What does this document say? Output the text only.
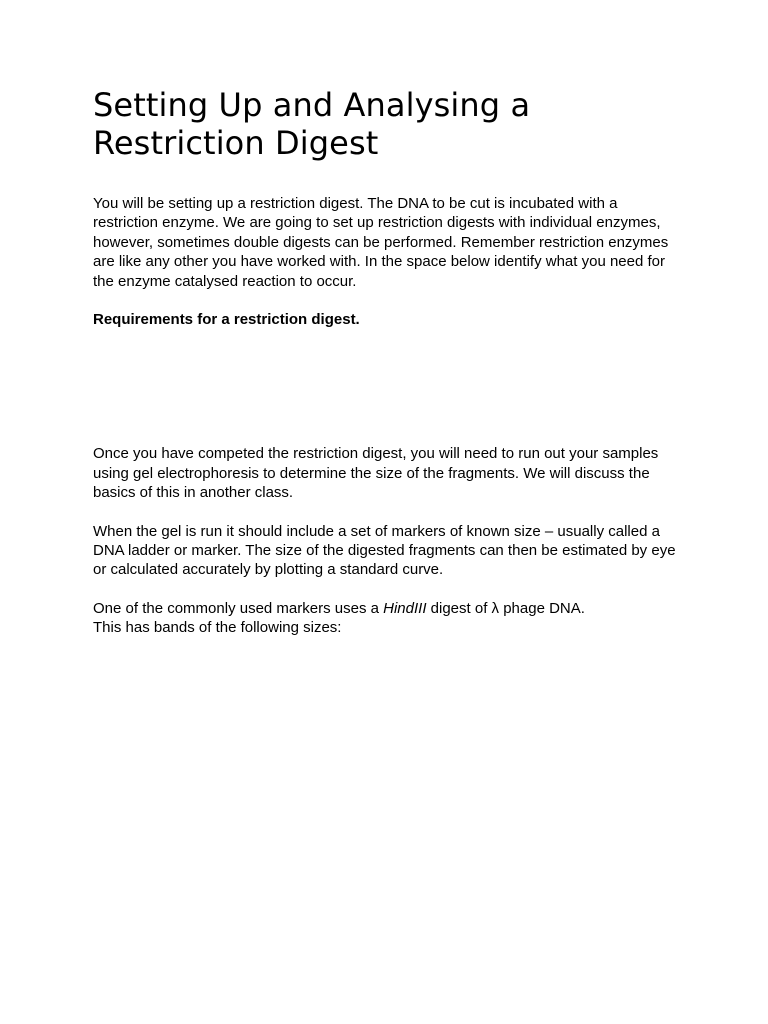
Setting Up and Analysing a
Restriction Digest

You will be setting up a restriction digest. The DNA to be cut is incubated with a restriction enzyme. We are going to set up restriction digests with individual enzymes, however, sometimes double digests can be performed. Remember restriction enzymes are like any other you have worked with. In the space below identify what you need for the enzyme catalysed reaction to occur.

Requirements for a restriction digest.

Once you have competed the restriction digest, you will need to run out your samples using gel electrophoresis to determine the size of the fragments. We will discuss the basics of this in another class.

When the gel is run it should include a set of markers of known size – usually called a DNA ladder or marker. The size of the digested fragments can then be estimated by eye or calculated accurately by plotting a standard curve.

One of the commonly used markers uses a HindIII digest of λ phage DNA.
This has bands of the following sizes:
